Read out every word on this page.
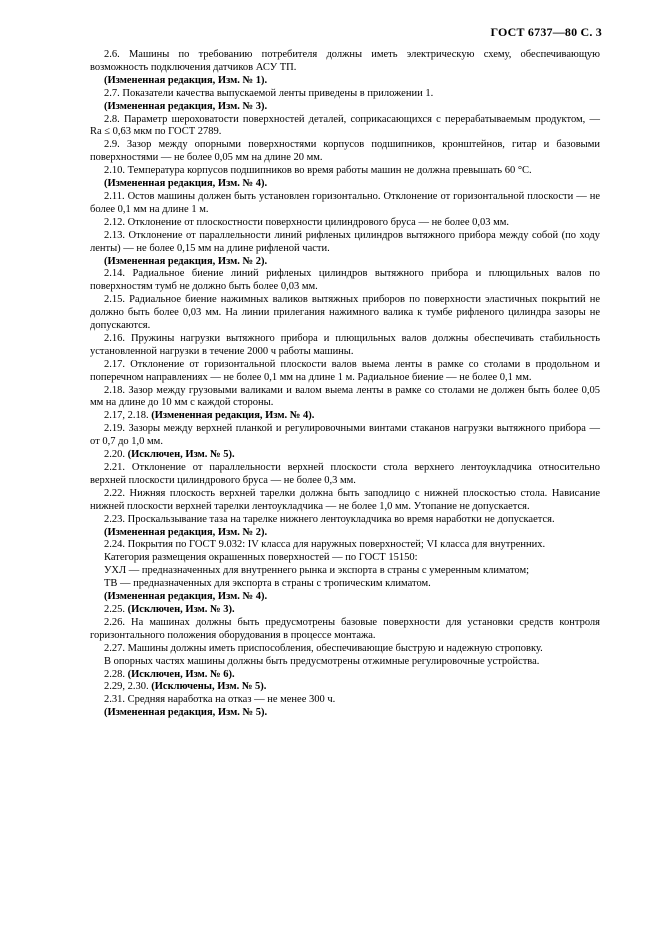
ГОСТ 6737—80 С. 3

2.6. Машины по требованию потребителя должны иметь электрическую схему, обеспечивающую возможность подключения датчиков АСУ ТП.

(Измененная редакция, Изм. № 1).

2.7. Показатели качества выпускаемой ленты приведены в приложении 1.

(Измененная редакция, Изм. № 3).

2.8. Параметр шероховатости поверхностей деталей, соприкасающихся с перерабатываемым продуктом, — Ra ≤ 0,63 мкм по ГОСТ 2789.

2.9. Зазор между опорными поверхностями корпусов подшипников, кронштейнов, гитар и базовыми поверхностями — не более 0,05 мм на длине 20 мм.

2.10. Температура корпусов подшипников во время работы машин не должна превышать 60 °С.

(Измененная редакция, Изм. № 4).

2.11. Остов машины должен быть установлен горизонтально. Отклонение от горизонтальной плоскости — не более 0,1 мм на длине 1 м.

2.12. Отклонение от плоскостности поверхности цилиндрового бруса — не более 0,03 мм.

2.13. Отклонение от параллельности линий рифленых цилиндров вытяжного прибора между собой (по ходу ленты) — не более 0,15 мм на длине рифленой части.

(Измененная редакция, Изм. № 2).

2.14. Радиальное биение линий рифленых цилиндров вытяжного прибора и плющильных валов по поверхностям тумб не должно быть более 0,03 мм.

2.15. Радиальное биение нажимных валиков вытяжных приборов по поверхности эластичных покрытий не должно быть более 0,03 мм. На линии прилегания нажимного валика к тумбе рифленого цилиндра зазоры не допускаются.

2.16. Пружины нагрузки вытяжного прибора и плющильных валов должны обеспечивать стабильность установленной нагрузки в течение 2000 ч работы машины.

2.17. Отклонение от горизонтальной плоскости валов выема ленты в рамке со столами в продольном и поперечном направлениях — не более 0,1 мм на длине 1 м. Радиальное биение — не более 0,1 мм.

2.18. Зазор между грузовыми валиками и валом выема ленты в рамке со столами не должен быть более 0,05 мм на длине до 10 мм с каждой стороны.

2.17, 2.18. (Измененная редакция, Изм. № 4).

2.19. Зазоры между верхней планкой и регулировочными винтами стаканов нагрузки вытяжного прибора — от 0,7 до 1,0 мм.

2.20. (Исключен, Изм. № 5).

2.21. Отклонение от параллельности верхней плоскости стола верхнего лентоукладчика относительно верхней плоскости цилиндрового бруса — не более 0,3 мм.

2.22. Нижняя плоскость верхней тарелки должна быть заподлицо с нижней плоскостью стола. Нависание нижней плоскости верхней тарелки лентоукладчика — не более 1,0 мм. Утопание не допускается.

2.23. Проскальзывание таза на тарелке нижнего лентоукладчика во время наработки не допускается.

(Измененная редакция, Изм. № 2).

2.24. Покрытия по ГОСТ 9.032: IV класса для наружных поверхностей; VI класса для внутренних.

Категория размещения окрашенных поверхностей — по ГОСТ 15150:

УХЛ — предназначенных для внутреннего рынка и экспорта в страны с умеренным климатом;

ТВ — предназначенных для экспорта в страны с тропическим климатом.

(Измененная редакция, Изм. № 4).

2.25. (Исключен, Изм. № 3).

2.26. На машинах должны быть предусмотрены базовые поверхности для установки средств контроля горизонтального положения оборудования в процессе монтажа.

2.27. Машины должны иметь приспособления, обеспечивающие быструю и надежную строповку.

В опорных частях машины должны быть предусмотрены отжимные регулировочные устройства.

2.28. (Исключен, Изм. № 6).

2.29, 2.30. (Исключены, Изм. № 5).

2.31. Средняя наработка на отказ — не менее 300 ч.

(Измененная редакция, Изм. № 5).
